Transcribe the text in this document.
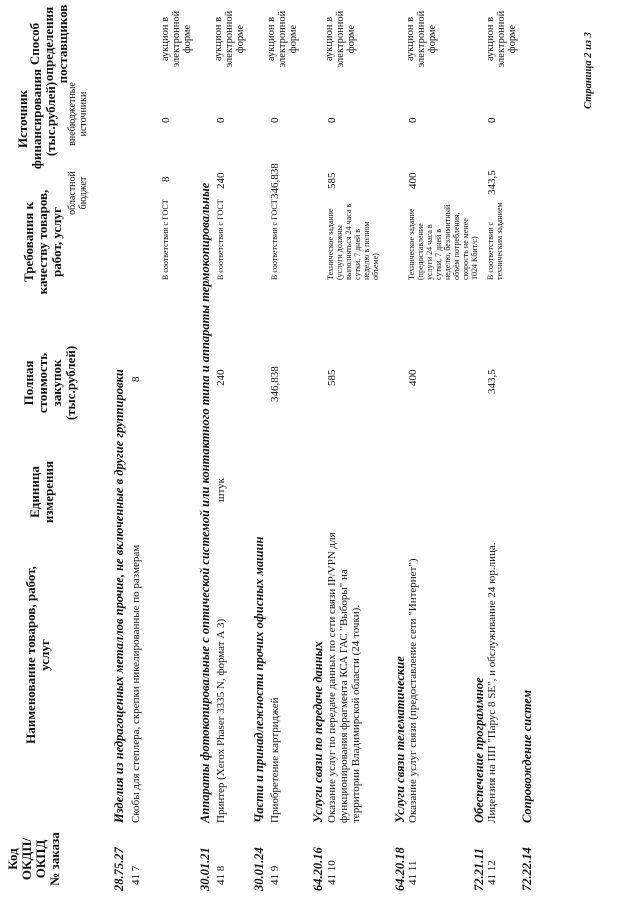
Код ОКДП/ ОКПД № заказа
Наименование товаров, работ, услуг
Единица измерения
Полная стоимость закупок (тыс.рублей)
Требования к качеству товаров, работ, услуг
Источник финансирования (тыс.рублей)
областной бюджет
внебюджетные источники
Способ определения поставщиков
28.75.27
Изделия из недрагоценных металлов прочие, не включенные в другие группировки
41 7
Скобы для степлера, скрепки никелированные по размерам
8
В соответствии с ГОСТ
8
0
аукцион в электронной форме
30.01.21
Аппараты фотокопировальные с оптической системой или контактного типа и аппараты термокопировальные
41 8
Принтер (Xerox Phaser 3335 N, формат А 3)
штук
240
В соответствии с ГОСТ
240
0
аукцион в электронной форме
30.01.24
Части и принадлежности прочих офисных машин
41 9
Приобретение картриджей
346,838
В соответствии с ГОСТ
346,838
0
аукцион в электронной форме
64.20.16
Услуги связи по передаче данных
41 10
Оказание услуг по передаче данных по сети связи IP/VPN для функционирования фрагмента КСА ГАС "Выборы" на территории Владимирской области (24 точки).
585
Техническое задание (услуги должны выполняться 24 часа в сутки, 7 дней в неделю в полном объеме)
585
0
аукцион в электронной форме
64.20.18
Услуги связи телематические
41 11
Оказание услуг связи (предоставление сети "Интернет")
400
Техническое задание (предоставление услуги 24 часа в сутки, 7 дней в неделю, безлимитный объём потребления, скорость не менее 1024 Кбит/с)
400
0
аукцион в электронной форме
72.21.11
Обеспечение программное
41 12
Лицензия на ПП "Парус 8 SE", и обслуживание 24 юр.лица.
343,5
В соответствии с техническим заданием
343,5
0
аукцион в электронной форме
72.22.14
Сопровождение систем
Страница 2 из 3
